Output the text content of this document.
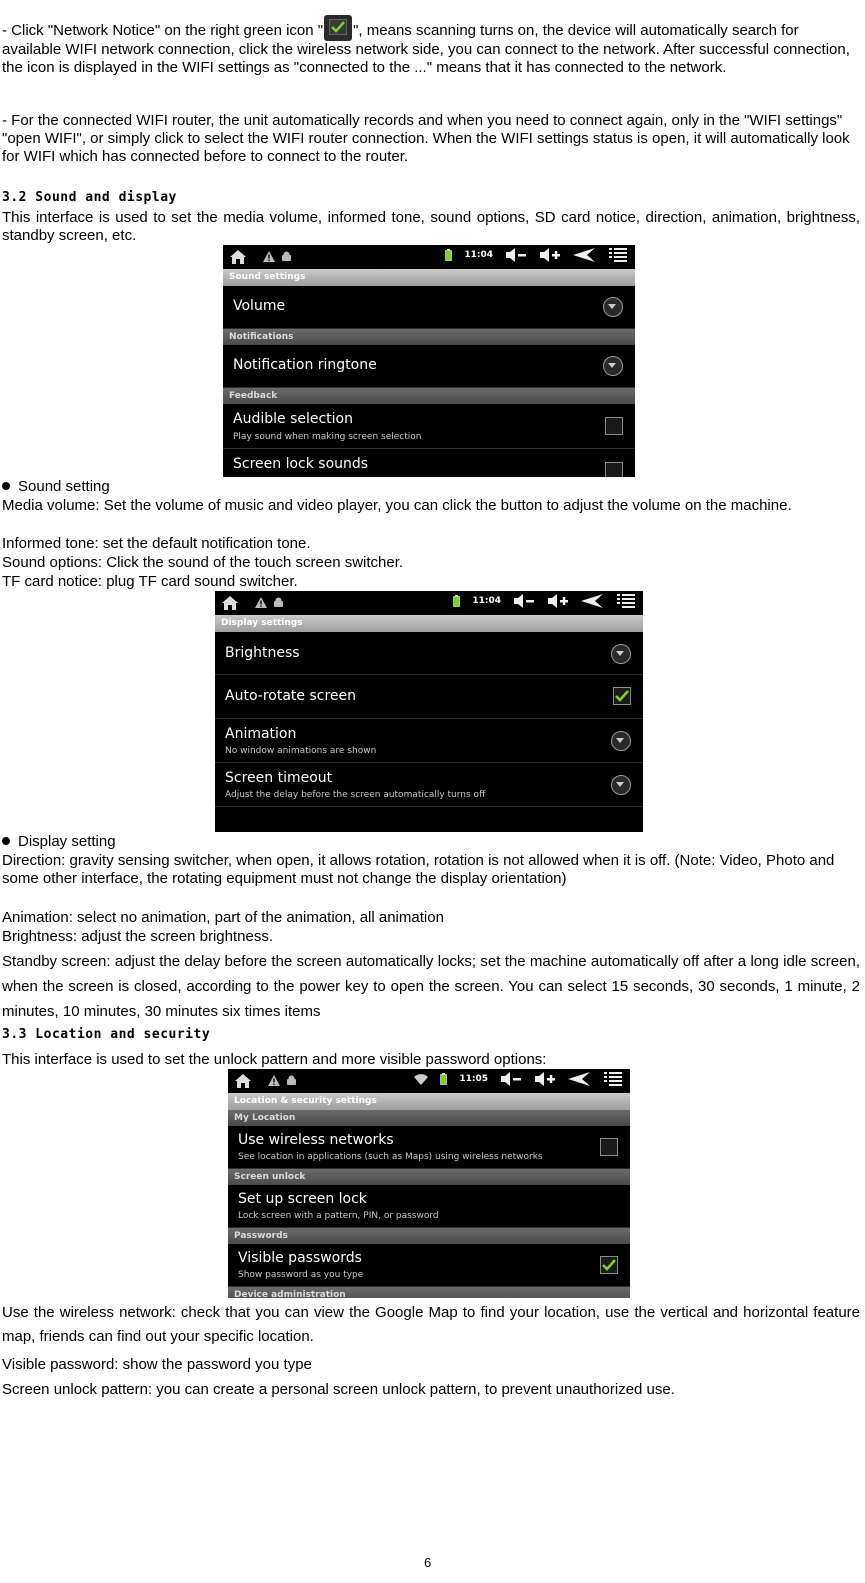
- Click "Network Notice" on the right green icon " ", means scanning turns on, the device will automatically search for available WIFI network connection, click the wireless network side, you can connect to the network. After successful connection, the icon is displayed in the WIFI settings as "connected to the ..." means that it has connected to the network.

- For the connected WIFI router, the unit automatically records and when you need to connect again, only in the "WIFI settings" "open WIFI", or simply click to select the WIFI router connection. When the WIFI settings status is open, it will automatically look for WIFI which has connected before to connect to the router.

3.2 Sound and display

This interface is used to set the media volume, informed tone, sound options, SD card notice, direction, animation, brightness, standby screen, etc.

11:04
Sound settings
Volume
Notifications
Notification ringtone
Feedback
Audible selection
Play sound when making screen selection
Screen lock sounds
Sound setting

Media volume: Set the volume of music and video player, you can click the button to adjust the volume on the machine.

Informed tone: set the default notification tone.

Sound options: Click the sound of the touch screen switcher.

TF card notice: plug TF card sound switcher.

11:04
Display settings
Brightness
Auto-rotate screen
Animation
No window animations are shown
Screen timeout
Adjust the delay before the screen automatically turns off
Display setting

Direction: gravity sensing switcher, when open, it allows rotation, rotation is not allowed when it is off. (Note: Video, Photo and some other interface, the rotating equipment must not change the display orientation)

Animation: select no animation, part of the animation, all animation

Brightness: adjust the screen brightness.

Standby screen: adjust the delay before the screen automatically locks; set the machine automatically off after a long idle screen, when the screen is closed, according to the power key to open the screen. You can select 15 seconds, 30 seconds, 1 minute, 2 minutes, 10 minutes, 30 minutes six times items

3.3 Location and security

This interface is used to set the unlock pattern and more visible password options:

11:05
Location & security settings
My Location
Use wireless networks
See location in applications (such as Maps) using wireless networks
Screen unlock
Set up screen lock
Lock screen with a pattern, PIN, or password
Passwords
Visible passwords
Show password as you type
Device administration

Use the wireless network: check that you can view the Google Map to find your location, use the vertical and horizontal feature map, friends can find out your specific location.

Visible password: show the password you type

Screen unlock pattern: you can create a personal screen unlock pattern, to prevent unauthorized use.

6
